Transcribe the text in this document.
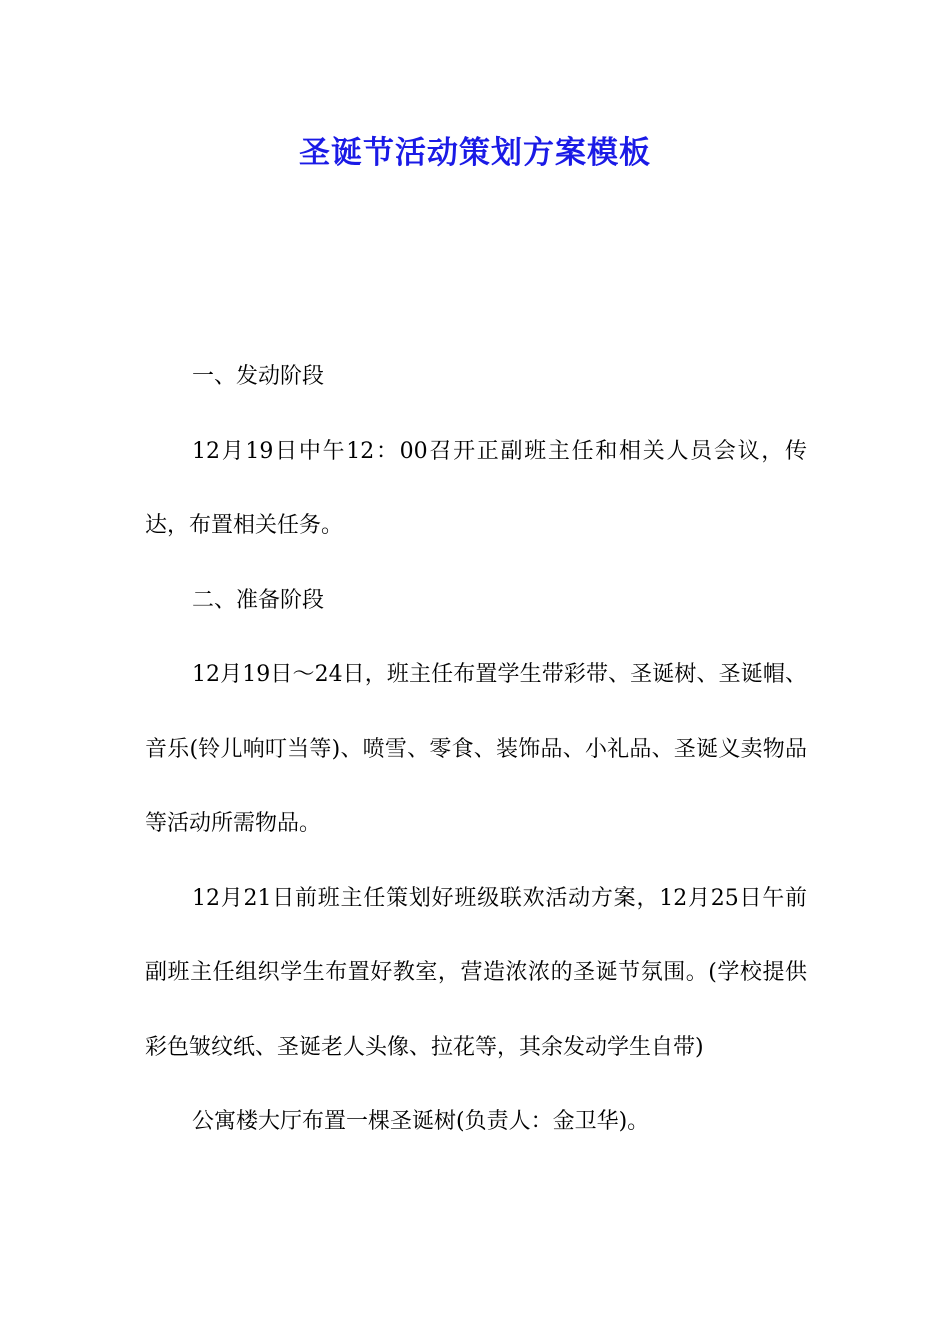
圣诞节活动策划方案模板

一、发动阶段

12月19日中午12：00召开正副班主任和相关人员会议，传达，布置相关任务。

二、准备阶段

12月19日～24日，班主任布置学生带彩带、圣诞树、圣诞帽、音乐(铃儿响叮当等)、喷雪、零食、装饰品、小礼品、圣诞义卖物品等活动所需物品。

12月21日前班主任策划好班级联欢活动方案，12月25日午前副班主任组织学生布置好教室，营造浓浓的圣诞节氛围。(学校提供彩色皱纹纸、圣诞老人头像、拉花等，其余发动学生自带)

公寓楼大厅布置一棵圣诞树(负责人：金卫华)。
